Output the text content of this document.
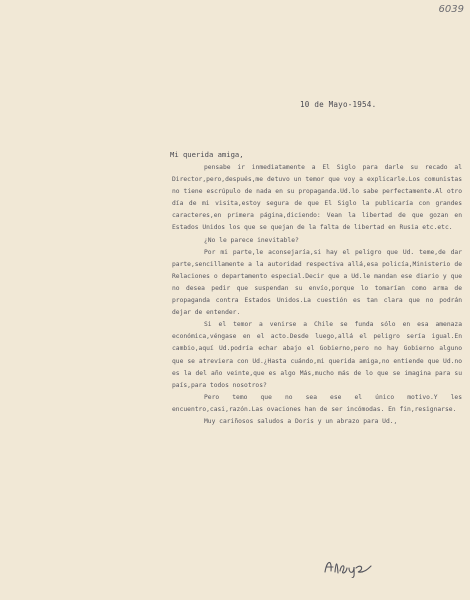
6039
10 de Mayo-1954.
Mi querida amiga,

pensabe ir inmediatamente a El Siglo para darle su recado al Director,pero,después,me detuvo un temor que voy a explicarle.Los comunistas no tiene escrúpulo de nada en su propaganda.Ud.lo sabe perfectamente.Al otro día de mi visita,estoy segura de que El Siglo la publicaría con grandes caracteres,en primera página,diciendo: Vean la libertad de que gozan en Estados Unidos los que se quejan de la falta de libertad en Rusia etc.etc.

¿No le parece inevitable?

Por mi parte,le aconsejaría,si hay el peligro que Ud. teme,de dar parte,sencillamente a la autoridad respectiva allá,esa policía,Ministerio de Relaciones o departamento especial.Decir que a Ud.le mandan ese diario y que no desea pedir que suspendan su envío,porque lo tomarían como arma de propaganda contra Estados Unidos.La cuestión es tan clara que no podrán dejar de entender.

Si el temor a venirse a Chile se funda sólo en esa amenaza económica,véngase en el acto.Desde luego,allá el peligro sería igual.En cambio,aquí Ud.podría echar abajo el Gobierno,pero no hay Gobierno alguno que se atreviera con Ud.¿Hasta cuándo,mi querida amiga,no entiende que Ud.no es la del año veinte,que es algo Más,mucho más de lo que se imagina para su país,para todos nosotros?

Pero temo que no sea ese el único motivo.Y les encuentro,casi,razón.Las ovaciones han de ser incómodas. En fin,resignarse.

Muy cariñosos saludos a Doris y un abrazo para Ud.,
